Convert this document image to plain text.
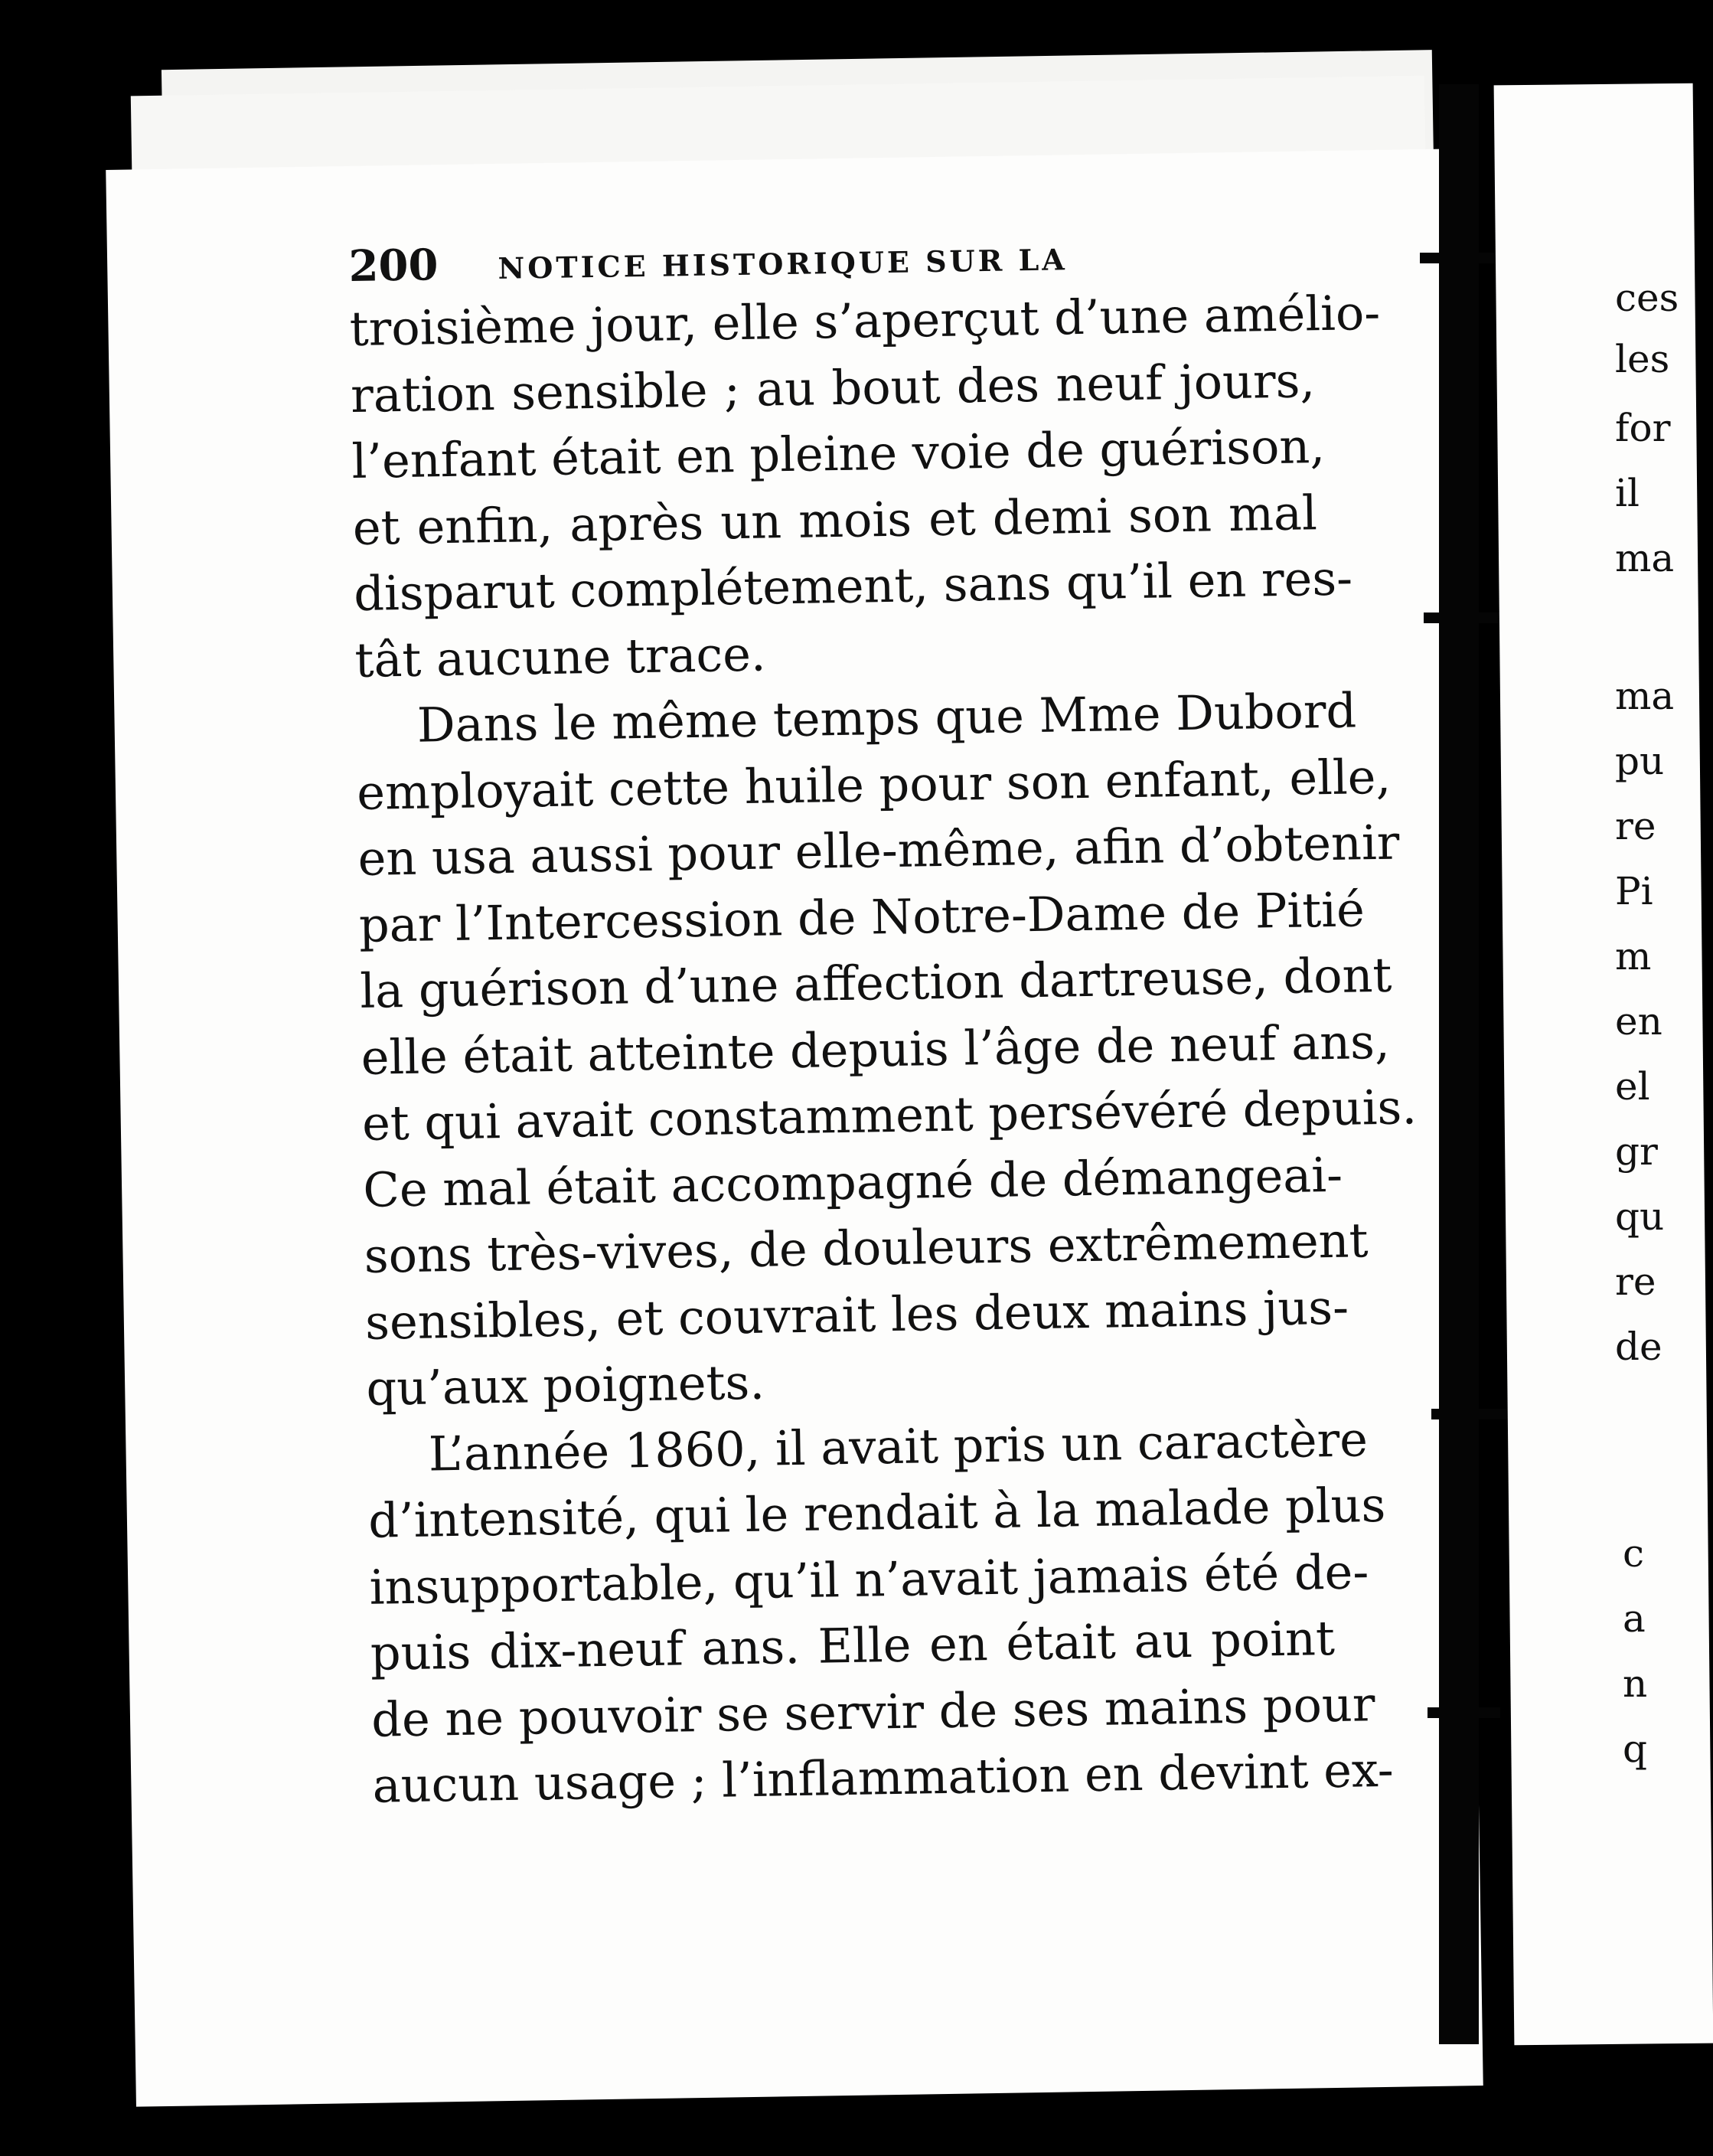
ces
les
for
il
ma
ma
pu
re
Pi
m
en
el
gr
qu
re
de
c
a
n
q
200	NOTICE HISTORIQUE SUR LA
troisième jour, elle s’aperçut d’une amélio-
ration sensible ; au bout des neuf jours,
l’enfant était en pleine voie de guérison,
et enfin, après un mois et demi son mal
disparut complétement, sans qu’il en res-
tât aucune trace.
Dans le même temps que Mme Dubord
employait cette huile pour son enfant, elle,
en usa aussi pour elle-même, afin d’obtenir
par l’Intercession de Notre-Dame de Pitié
la guérison d’une affection dartreuse, dont
elle était atteinte depuis l’âge de neuf ans,
et qui avait constamment persévéré depuis.
Ce mal était accompagné de démangeai-
sons très-vives, de douleurs extrêmement
sensibles, et couvrait les deux mains jus-
qu’aux poignets.
L’année 1860, il avait pris un caractère
d’intensité, qui le rendait à la malade plus
insupportable, qu’il n’avait jamais été de-
puis dix-neuf ans. Elle en était au point
de ne pouvoir se servir de ses mains pour
aucun usage ; l’inflammation en devint ex-
